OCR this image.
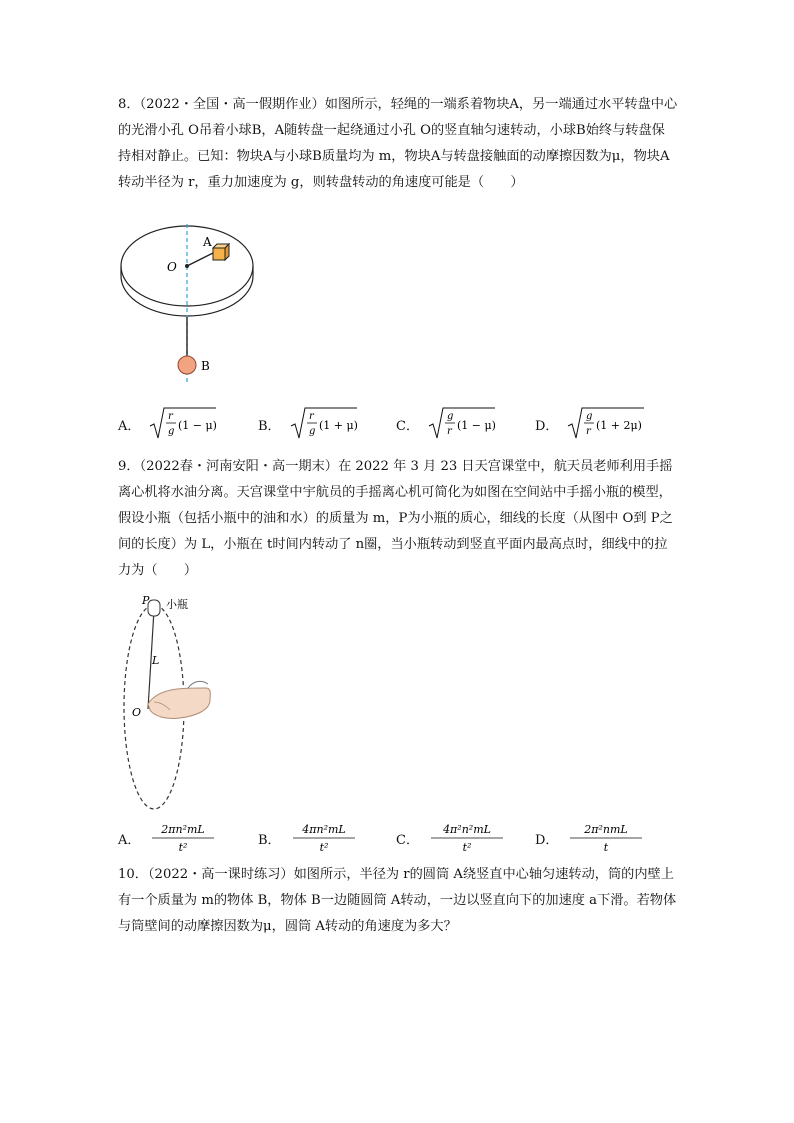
8．（2022・全国・高一假期作业）如图所示，轻绳的一端系着物块A，另一端通过水平转盘中心的光滑小孔 O吊着小球B，A随转盘一起绕通过小孔 O的竖直轴匀速转动，小球B始终与转盘保持相对静止。已知：物块A与小球B质量均为 m，物块A与转盘接触面的动摩擦因数为μ，物块A转动半径为 r，重力加速度为 g，则转盘转动的角速度可能是（　　）
O
A
B
A．
r
g (1 − μ)	B．
r
g (1 + μ)	C．
g
r (1 − μ)	D．
g
r (1 + 2μ)
9．（2022春・河南安阳・高一期末）在 2022 年 3 月 23 日天宫课堂中，航天员老师利用手摇离心机将水油分离。天宫课堂中宇航员的手摇离心机可简化为如图在空间站中手摇小瓶的模型，假设小瓶（包括小瓶中的油和水）的质量为 m，P为小瓶的质心，细线的长度（从图中 O到 P之间的长度）为 L，小瓶在 t时间内转动了 n圈，当小瓶转动到竖直平面内最高点时，细线中的拉力为（　　）
P 小瓶
L
O
A．
2πn²mL
t²	B．
4πn²mL
t²	C．
4π²n²mL
t²	D．
2π²nmL
t
10．（2022・高一课时练习）如图所示，半径为 r的圆筒 A绕竖直中心轴匀速转动，筒的内壁上有一个质量为 m的物体 B，物体 B一边随圆筒 A转动，一边以竖直向下的加速度 a下滑。若物体与筒壁间的动摩擦因数为μ，圆筒 A转动的角速度为多大？
